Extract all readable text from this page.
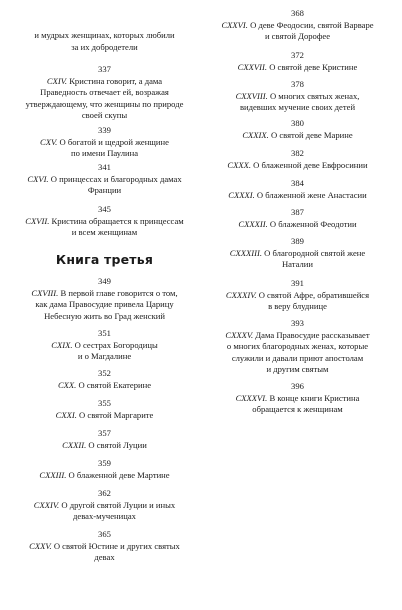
и мудрых женщинах, которых любили
за их добродетели
337
CXIV. Кристина говорит, а дама
Праведность отвечает ей, возражая
утверждающему, что женщины по природе
своей скупы
339
CXV. О богатой и щедрой женщине
по имени Паулина
341
CXVI. О принцессах и благородных дамах
Франции
345
CXVII. Кристина обращается к принцессам
и всем женщинам
Книга третья
349
CXVIII. В первой главе говорится о том,
как дама Правосудие привела Царицу
Небесную жить во Град женский
351
CXIX. О сестрах Богородицы
и о Магдалине
352
CXX. О святой Екатерине
355
CXXI. О святой Маргарите
357
CXXII. О святой Луции
359
CXXIII. О блаженной деве Мартине
362
CXXIV. О другой святой Луции и иных
девах-мученицах
365
CXXV. О святой Юстине и других святых
девах
368
CXXVI. О деве Феодосии, святой Варваре
и святой Дорофее
372
CXXVII. О святой деве Кристине
378
CXXVIII. О многих святых женах,
видевших мучение своих детей
380
CXXIX. О святой деве Марине
382
CXXX. О блаженной деве Евфросинии
384
CXXXI. О блаженной жене Анастасии
387
CXXXII. О блаженной Феодотии
389
CXXXIII. О благородной святой жене
Наталии
391
CXXXIV. О святой Афре, обратившейся
в веру блуднице
393
CXXXV. Дама Правосудие рассказывает
о многих благородных женах, которые
служили и давали приют апостолам
и другим святым
396
CXXXVI. В конце книги Кристина
обращается к женщинам
